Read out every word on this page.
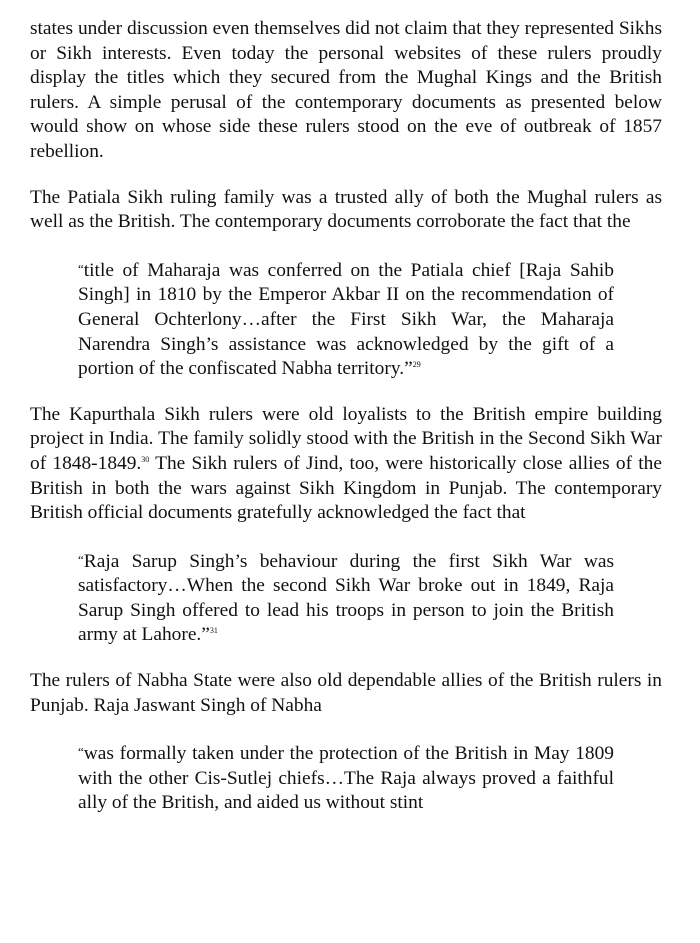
states under discussion even themselves did not claim that they represented Sikhs or Sikh interests. Even today the personal websites of these rulers proudly display the titles which they secured from the Mughal Kings and the British rulers. A simple perusal of the contemporary documents as presented below would show on whose side these rulers stood on the eve of outbreak of 1857 rebellion.

The Patiala Sikh ruling family was a trusted ally of both the Mughal rulers as well as the British. The contemporary documents corroborate the fact that the

“title of Maharaja was conferred on the Patiala chief [Raja Sahib Singh] in 1810 by the Emperor Akbar II on the recommendation of General Ochterlony…after the First Sikh War, the Maharaja Narendra Singh’s assistance was acknowledged by the gift of a portion of the confiscated Nabha territory.”$^{29}$

The Kapurthala Sikh rulers were old loyalists to the British empire building project in India. The family solidly stood with the British in the Second Sikh War of 1848-1849.30 The Sikh rulers of Jind, too, were historically close allies of the British in both the wars against Sikh Kingdom in Punjab. The contemporary British official documents gratefully acknowledged the fact that

“Raja Sarup Singh’s behaviour during the first Sikh War was satisfactory…When the second Sikh War broke out in 1849, Raja Sarup Singh offered to lead his troops in person to join the British army at Lahore.”$^{31}$

The rulers of Nabha State were also old dependable allies of the British rulers in Punjab. Raja Jaswant Singh of Nabha

“was formally taken under the protection of the British in May 1809 with the other Cis-Sutlej chiefs…The Raja always proved a faithful ally of the British, and aided us without stint
